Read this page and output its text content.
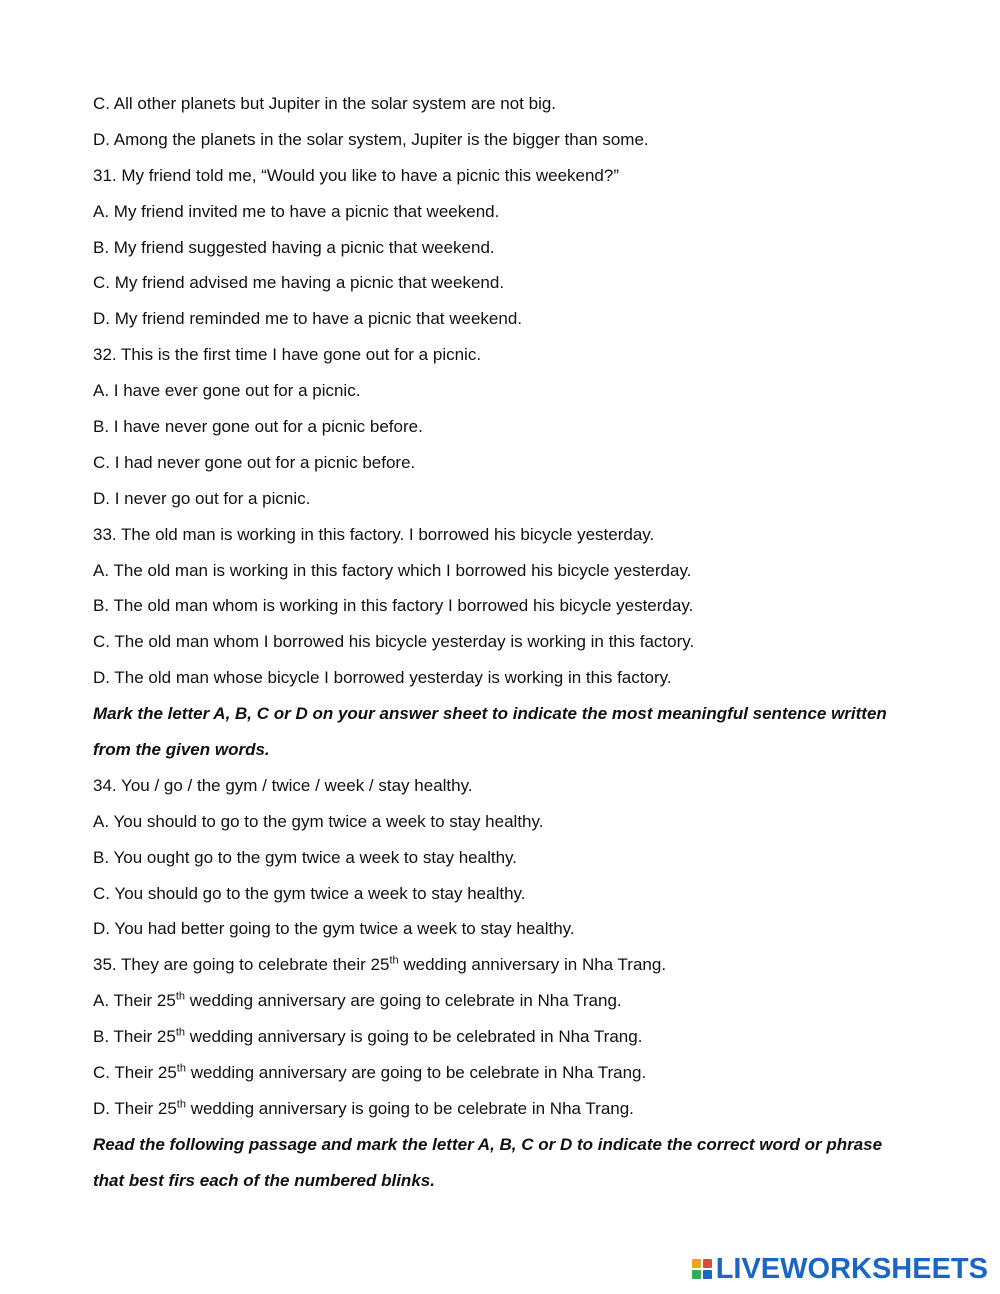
C. All other planets but Jupiter in the solar system are not big.
D. Among the planets in the solar system, Jupiter is the bigger than some.
31. My friend told me, “Would you like to have a picnic this weekend?”
A. My friend invited me to have a picnic that weekend.
B. My friend suggested having a picnic that weekend.
C. My friend advised me having a picnic that weekend.
D. My friend reminded me to have a picnic that weekend.
32. This is the first time I have gone out for a picnic.
A. I have ever gone out for a picnic.
B. I have never gone out for a picnic before.
C. I had never gone out for a picnic before.
D. I never go out for a picnic.
33. The old man is working in this factory. I borrowed his bicycle yesterday.
A. The old man is working in this factory which I borrowed his bicycle yesterday.
B. The old man whom is working in this factory I borrowed his bicycle yesterday.
C. The old man whom I borrowed his bicycle yesterday is working in this factory.
D. The old man whose bicycle I borrowed yesterday is working in this factory.
Mark the letter A, B, C or D on your answer sheet to indicate the most meaningful sentence written
from the given words.
34. You / go / the gym / twice / week / stay healthy.
A. You should to go to the gym twice a week to stay healthy.
B. You ought go to the gym twice a week to stay healthy.
C. You should go to the gym twice a week to stay healthy.
D. You had better going to the gym twice a week to stay healthy.
35. They are going to celebrate their 25th wedding anniversary in Nha Trang.
A. Their 25th wedding anniversary are going to celebrate in Nha Trang.
B. Their 25th wedding anniversary is going to be celebrated in Nha Trang.
C. Their 25th wedding anniversary are going to be celebrate in Nha Trang.
D. Their 25th wedding anniversary is going to be celebrate in Nha Trang.
Read the following passage and mark the letter A, B, C or D to indicate the correct word or phrase
that best firs each of the numbered blinks.
LIVEWORKSHEETS
